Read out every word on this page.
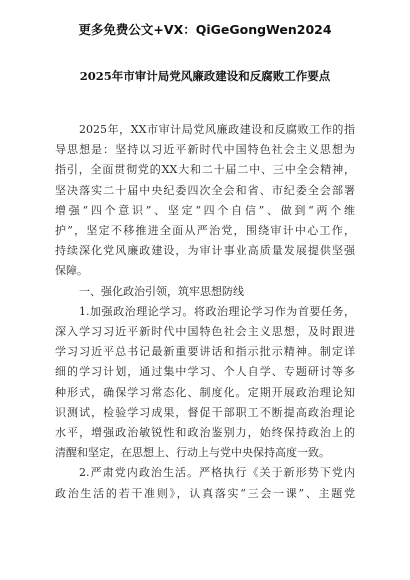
更多免费公文+VX：QiGeGongWen2024
2025年市审计局党风廉政建设和反腐败工作要点
2025年，XX市审计局党风廉政建设和反腐败工作的指
导思想是：坚持以习近平新时代中国特色社会主义思想为
指引，全面贯彻党的XX大和二十届二中、三中全会精神，
坚决落实二十届中央纪委四次全会和省、市纪委全会部署
增强“四个意识”、坚定“四个自信”、做到“两个维
护”，坚定不移推进全面从严治党，围绕审计中心工作，
持续深化党风廉政建设，为审计事业高质量发展提供坚强
保障。
一、强化政治引领，筑牢思想防线
1.加强政治理论学习。将政治理论学习作为首要任务，
深入学习习近平新时代中国特色社会主义思想，及时跟进
学习习近平总书记最新重要讲话和指示批示精神。制定详
细的学习计划，通过集中学习、个人自学、专题研讨等多
种形式，确保学习常态化、制度化。定期开展政治理论知
识测试，检验学习成果，督促干部职工不断提高政治理论
水平，增强政治敏锐性和政治鉴别力，始终保持政治上的
清醒和坚定，在思想上、行动上与党中央保持高度一致。
2.严肃党内政治生活。严格执行《关于新形势下党内
政治生活的若干准则》，认真落实“三会一课”、主题党
